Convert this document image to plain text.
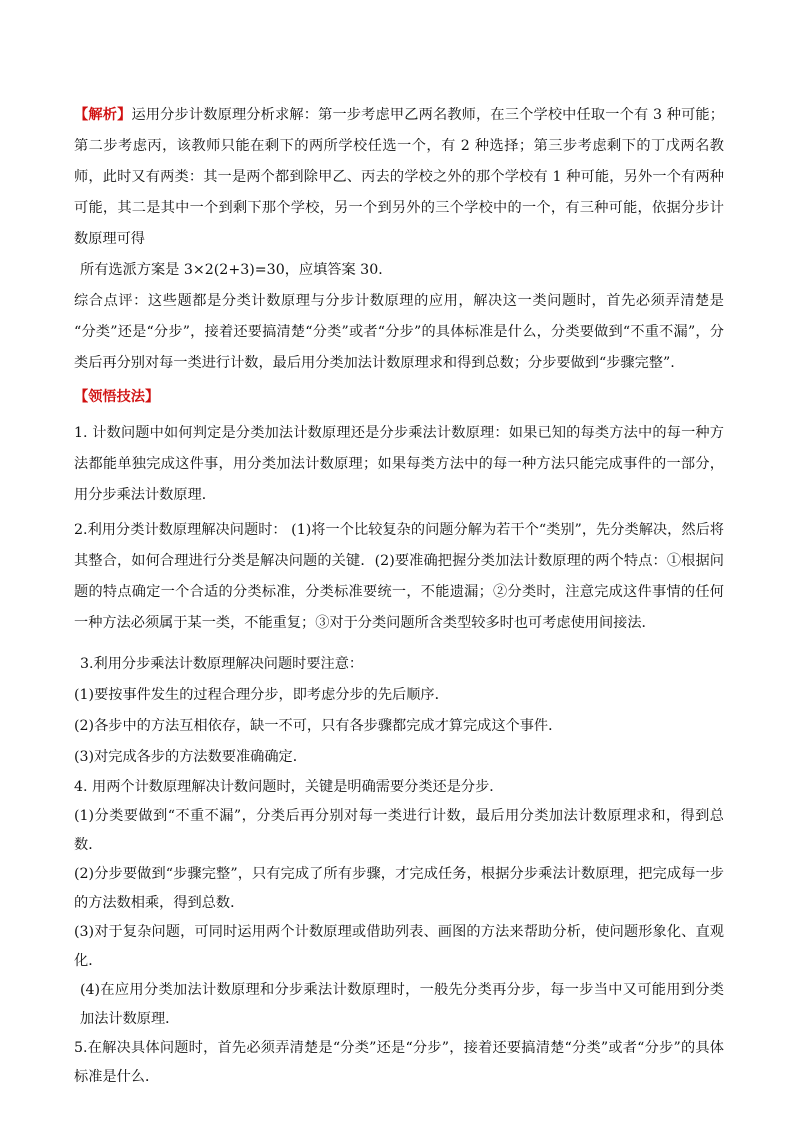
【解析】运用分步计数原理分析求解：第一步考虑甲乙两名教师，在三个学校中任取一个有 3 种可能；第二步考虑丙，该教师只能在剩下的两所学校任选一个，有 2 种选择；第三步考虑剩下的丁戊两名教师，此时又有两类：其一是两个都到除甲乙、丙去的学校之外的那个学校有 1 种可能，另外一个有两种可能，其二是其中一个到剩下那个学校，另一个到另外的三个学校中的一个，有三种可能，依据分步计数原理可得

所有选派方案是 3×2(2+3)=30，应填答案 30．

综合点评：这些题都是分类计数原理与分步计数原理的应用，解决这一类问题时，首先必须弄清楚是 “分类”还是“分步”，接着还要搞清楚“分类”或者“分步”的具体标准是什么，分类要做到“不重不漏”，分类后再分别对每一类进行计数，最后用分类加法计数原理求和得到总数；分步要做到“步骤完整”.

【领悟技法】

1. 计数问题中如何判定是分类加法计数原理还是分步乘法计数原理：如果已知的每类方法中的每一种方法都能单独完成这件事，用分类加法计数原理；如果每类方法中的每一种方法只能完成事件的一部分，用分步乘法计数原理．

2.利用分类计数原理解决问题时： (1)将一个比较复杂的问题分解为若干个“类别”，先分类解决，然后将其整合，如何合理进行分类是解决问题的关键．(2)要准确把握分类加法计数原理的两个特点：①根据问题的特点确定一个合适的分类标准，分类标准要统一，不能遗漏；②分类时，注意完成这件事情的任何一种方法必须属于某一类，不能重复；③对于分类问题所含类型较多时也可考虑使用间接法．

3.利用分步乘法计数原理解决问题时要注意：

(1)要按事件发生的过程合理分步，即考虑分步的先后顺序．

(2)各步中的方法互相依存，缺一不可，只有各步骤都完成才算完成这个事件．

(3)对完成各步的方法数要准确确定．

4. 用两个计数原理解决计数问题时，关键是明确需要分类还是分步．

(1)分类要做到“不重不漏”，分类后再分别对每一类进行计数，最后用分类加法计数原理求和，得到总数．

(2)分步要做到“步骤完整”，只有完成了所有步骤，才完成任务，根据分步乘法计数原理，把完成每一步的方法数相乘，得到总数．

(3)对于复杂问题，可同时运用两个计数原理或借助列表、画图的方法来帮助分析，使问题形象化、直观化．

(4)在应用分类加法计数原理和分步乘法计数原理时，一般先分类再分步，每一步当中又可能用到分类加法计数原理．

5.在解决具体问题时，首先必须弄清楚是“分类”还是“分步”，接着还要搞清楚“分类”或者“分步”的具体标准是什么．
